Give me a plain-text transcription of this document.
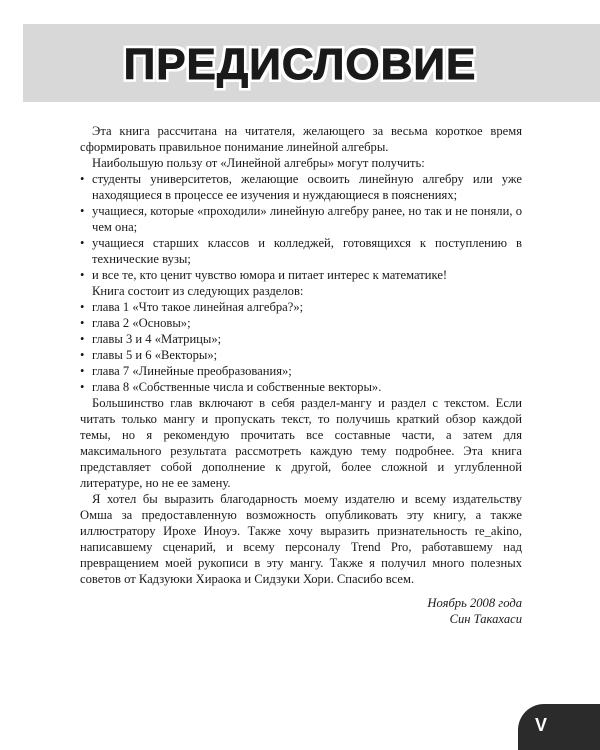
ПРЕДИСЛОВИЕ

Эта книга рассчитана на читателя, желающего за весьма короткое время сформировать правильное понимание линейной алгебры.

Наибольшую пользу от «Линейной алгебры» могут получить:

• студенты университетов, желающие освоить линейную алгебру или уже находящиеся в процессе ее изучения и нуждающиеся в пояснениях;
• учащиеся, которые «проходили» линейную алгебру ранее, но так и не поняли, о чем она;
• учащиеся старших классов и колледжей, готовящихся к поступлению в технические вузы;
• и все те, кто ценит чувство юмора и питает интерес к математике!

Книга состоит из следующих разделов:

• глава 1 «Что такое линейная алгебра?»;
• глава 2 «Основы»;
• главы 3 и 4 «Матрицы»;
• главы 5 и 6 «Векторы»;
• глава 7 «Линейные преобразования»;
• глава 8 «Собственные числа и собственные векторы».

Большинство глав включают в себя раздел-мангу и раздел с текстом. Если читать только мангу и пропускать текст, то получишь краткий обзор каждой темы, но я рекомендую прочитать все составные части, а затем для максимального результата рассмотреть каждую тему подробнее. Эта книга представляет собой дополнение к другой, более сложной и углубленной литературе, но не ее замену.

Я хотел бы выразить благодарность моему издателю и всему издательству Омша за предоставленную возможность опубликовать эту книгу, а также иллюстратору Ирохе Иноуэ. Также хочу выразить признательность re_akino, написавшему сценарий, и всему персоналу Trend Pro, работавшему над превращением моей рукописи в эту мангу. Также я получил много полезных советов от Кадзуюки Хираока и Сидзуки Хори. Спасибо всем.

Ноябрь 2008 года
Син Такахаси
V
